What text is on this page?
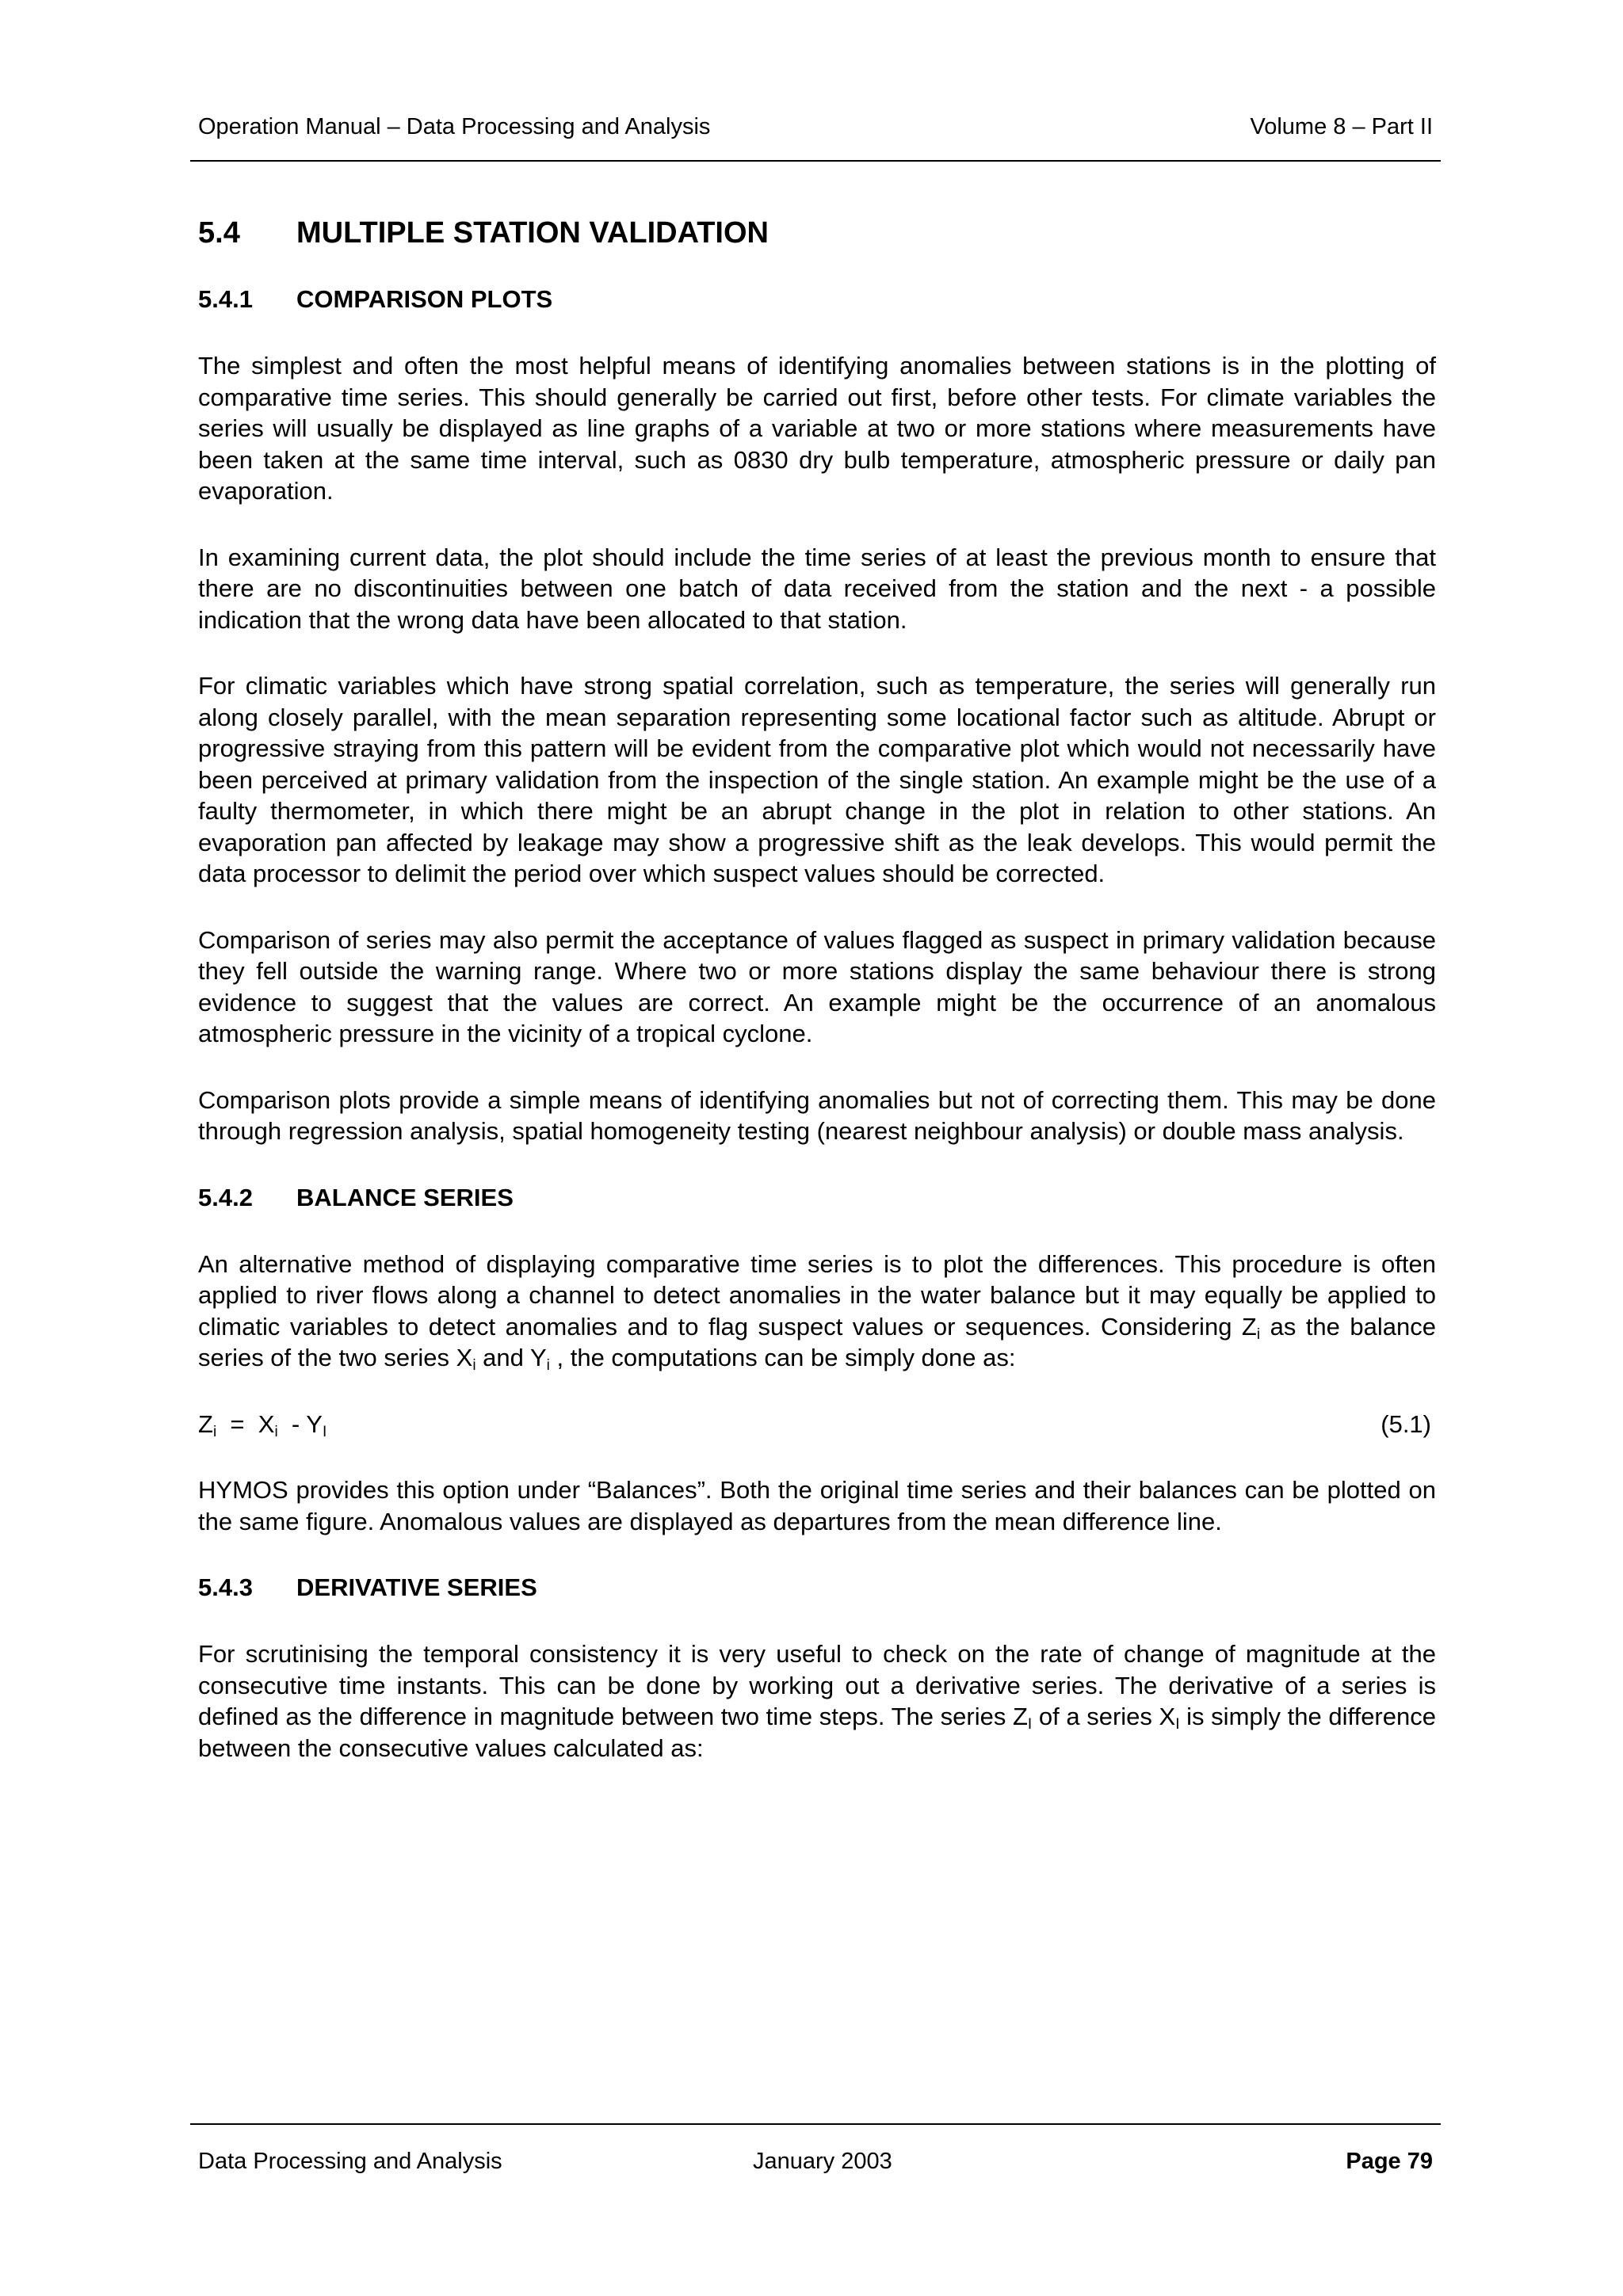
Operation Manual – Data Processing and Analysis	Volume 8 – Part II
5.4	MULTIPLE STATION VALIDATION
5.4.1	COMPARISON PLOTS

The simplest and often the most helpful means of identifying anomalies between stations is in the plotting of comparative time series. This should generally be carried out first, before other tests. For climate variables the series will usually be displayed as line graphs of a variable at two or more stations where measurements have been taken at the same time interval, such as 0830 dry bulb temperature, atmospheric pressure or daily pan evaporation.

In examining current data, the plot should include the time series of at least the previous month to ensure that there are no discontinuities between one batch of data received from the station and the next - a possible indication that the wrong data have been allocated to that station.

For climatic variables which have strong spatial correlation, such as temperature, the series will generally run along closely parallel, with the mean separation representing some locational factor such as altitude. Abrupt or progressive straying from this pattern will be evident from the comparative plot which would not necessarily have been perceived at primary validation from the inspection of the single station. An example might be the use of a faulty thermometer, in which there might be an abrupt change in the plot in relation to other stations. An evaporation pan affected by leakage may show a progressive shift as the leak develops. This would permit the data processor to delimit the period over which suspect values should be corrected.

Comparison of series may also permit the acceptance of values flagged as suspect in primary validation because they fell outside the warning range. Where two or more stations display the same behaviour there is strong evidence to suggest that the values are correct. An example might be the occurrence of an anomalous atmospheric pressure in the vicinity of a tropical cyclone.

Comparison plots provide a simple means of identifying anomalies but not of correcting them. This may be done through regression analysis, spatial homogeneity testing (nearest neighbour analysis) or double mass analysis.

5.4.2	BALANCE SERIES

An alternative method of displaying comparative time series is to plot the differences. This procedure is often applied to river flows along a channel to detect anomalies in the water balance but it may equally be applied to climatic variables to detect anomalies and to flag suspect values or sequences. Considering $Z_i$ as the balance series of the two series $X_i$ and $Y_i$ , the computations can be simply done as:

$Z_i = X_i - Y_I$	(5.1)

HYMOS provides this option under “Balances”. Both the original time series and their balances can be plotted on the same figure. Anomalous values are displayed as departures from the mean difference line.

5.4.3	DERIVATIVE SERIES

For scrutinising the temporal consistency it is very useful to check on the rate of change of magnitude at the consecutive time instants. This can be done by working out a derivative series. The derivative of a series is defined as the difference in magnitude between two time steps. The series $Z_I$ of a series $X_I$ is simply the difference between the consecutive values calculated as:

Data Processing and Analysis	January 2003	Page 79
